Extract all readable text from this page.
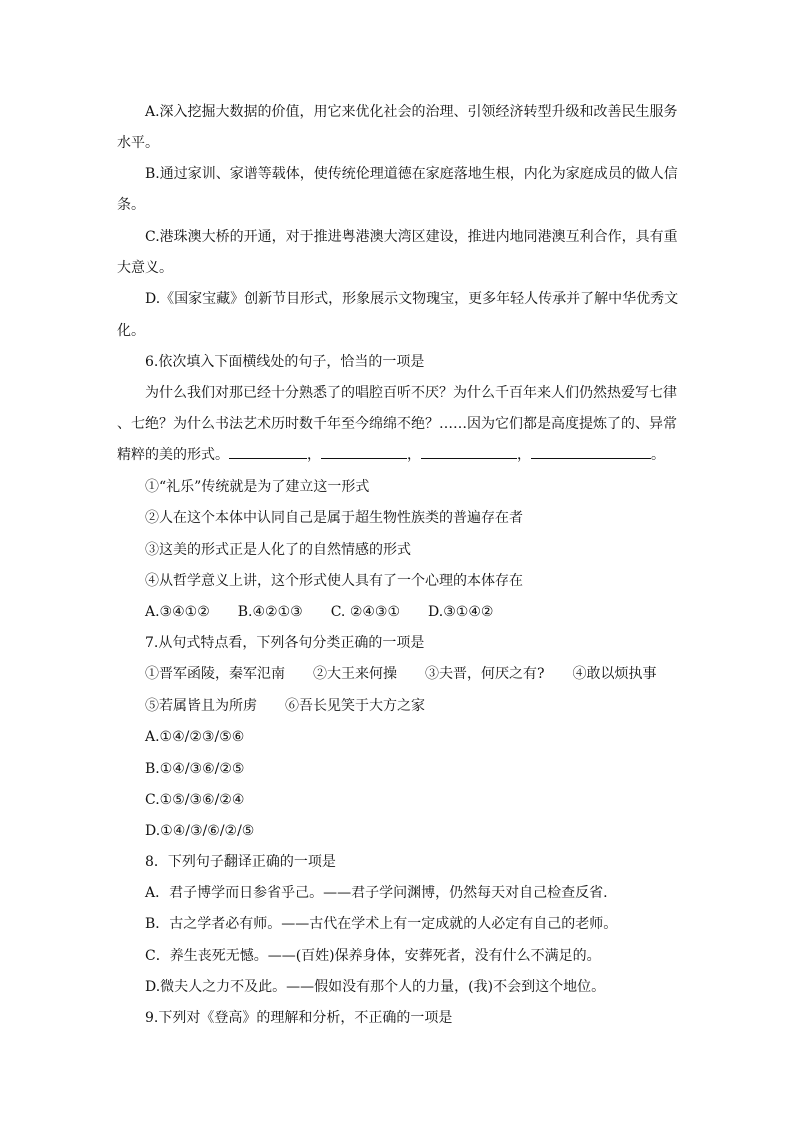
A.深入挖掘大数据的价值，用它来优化社会的治理、引领经济转型升级和改善民生服务
水平。
B.通过家训、家谱等载体，使传统伦理道德在家庭落地生根，内化为家庭成员的做人信
条。
C.港珠澳大桥的开通，对于推进粤港澳大湾区建设，推进内地同港澳互利合作，具有重
大意义。
D.《国家宝藏》创新节目形式，形象展示文物瑰宝，更多年轻人传承并了解中华优秀文
化。
6.依次填入下面横线处的句子，恰当的一项是
为什么我们对那已经十分熟悉了的唱腔百听不厌？为什么千百年来人们仍然热爱写七律
、七绝？为什么书法艺术历时数千年至今绵绵不绝？……因为它们都是高度提炼了的、异常
精粹的美的形式。	，	，	，	。
①“礼乐”传统就是为了建立这一形式
②人在这个本体中认同自己是属于超生物性族类的普遍存在者
③这美的形式正是人化了的自然情感的形式
④从哲学意义上讲，这个形式使人具有了一个心理的本体存在
A.③④①② B.④②①③ C. ②④③① D.③①④②
7.从句式特点看，下列各句分类正确的一项是
①晋军函陵，秦军氾南 ②大王来何操 ③夫晋，何厌之有? ④敢以烦执事
⑤若属皆且为所虏 ⑥吾长见笑于大方之家
A.①④/②③/⑤⑥
B.①④/③⑥/②⑤
C.①⑤/③⑥/②④
D.①④/③/⑥/②/⑤
8．下列句子翻译正确的一项是
A．君子博学而日参省乎己。——君子学问渊博，仍然每天对自己检查反省.
B．古之学者必有师。——古代在学术上有一定成就的人必定有自己的老师。
C．养生丧死无憾。——(百姓)保养身体，安葬死者，没有什么不满足的。
D.微夫人之力不及此。——假如没有那个人的力量，(我)不会到这个地位。
9.下列对《登高》的理解和分析，不正确的一项是
